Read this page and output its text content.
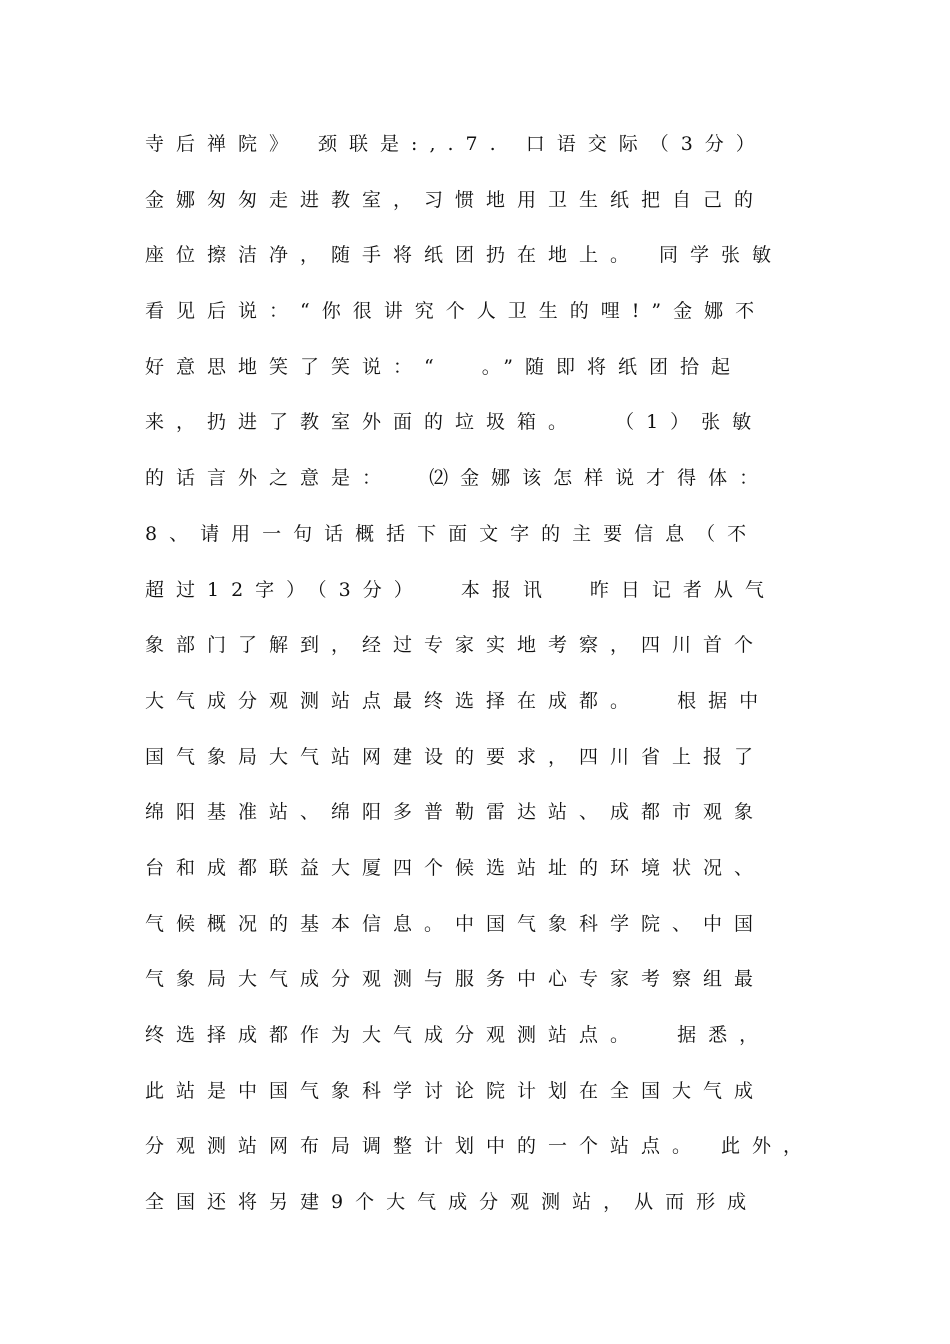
寺后禅院》 颈联是:,.7. 口语交际（3分）
金娜匆匆走进教室，习惯地用卫生纸把自己的
座位擦洁净，随手将纸团扔在地上。 同学张敏
看见后说：“你很讲究个人卫生的哩!”金娜不
好意思地笑了笑说：“  。”随即将纸团拾起
来，扔进了教室外面的垃圾箱。  （1）张敏
的话言外之意是：  ⑵金娜该怎样说才得体：
8、请用一句话概括下面文字的主要信息（不
超过12字）（3分）  本报讯  昨日记者从气
象部门了解到，经过专家实地考察，四川首个
大气成分观测站点最终选择在成都。  根据中
国气象局大气站网建设的要求，四川省上报了
绵阳基准站、绵阳多普勒雷达站、成都市观象
台和成都联益大厦四个候选站址的环境状况、
气候概况的基本信息。中国气象科学院、中国
气象局大气成分观测与服务中心专家考察组最
终选择成都作为大气成分观测站点。  据悉，
此站是中国气象科学讨论院计划在全国大气成
分观测站网布局调整计划中的一个站点。 此外，
全国还将另建9个大气成分观测站，从而形成
